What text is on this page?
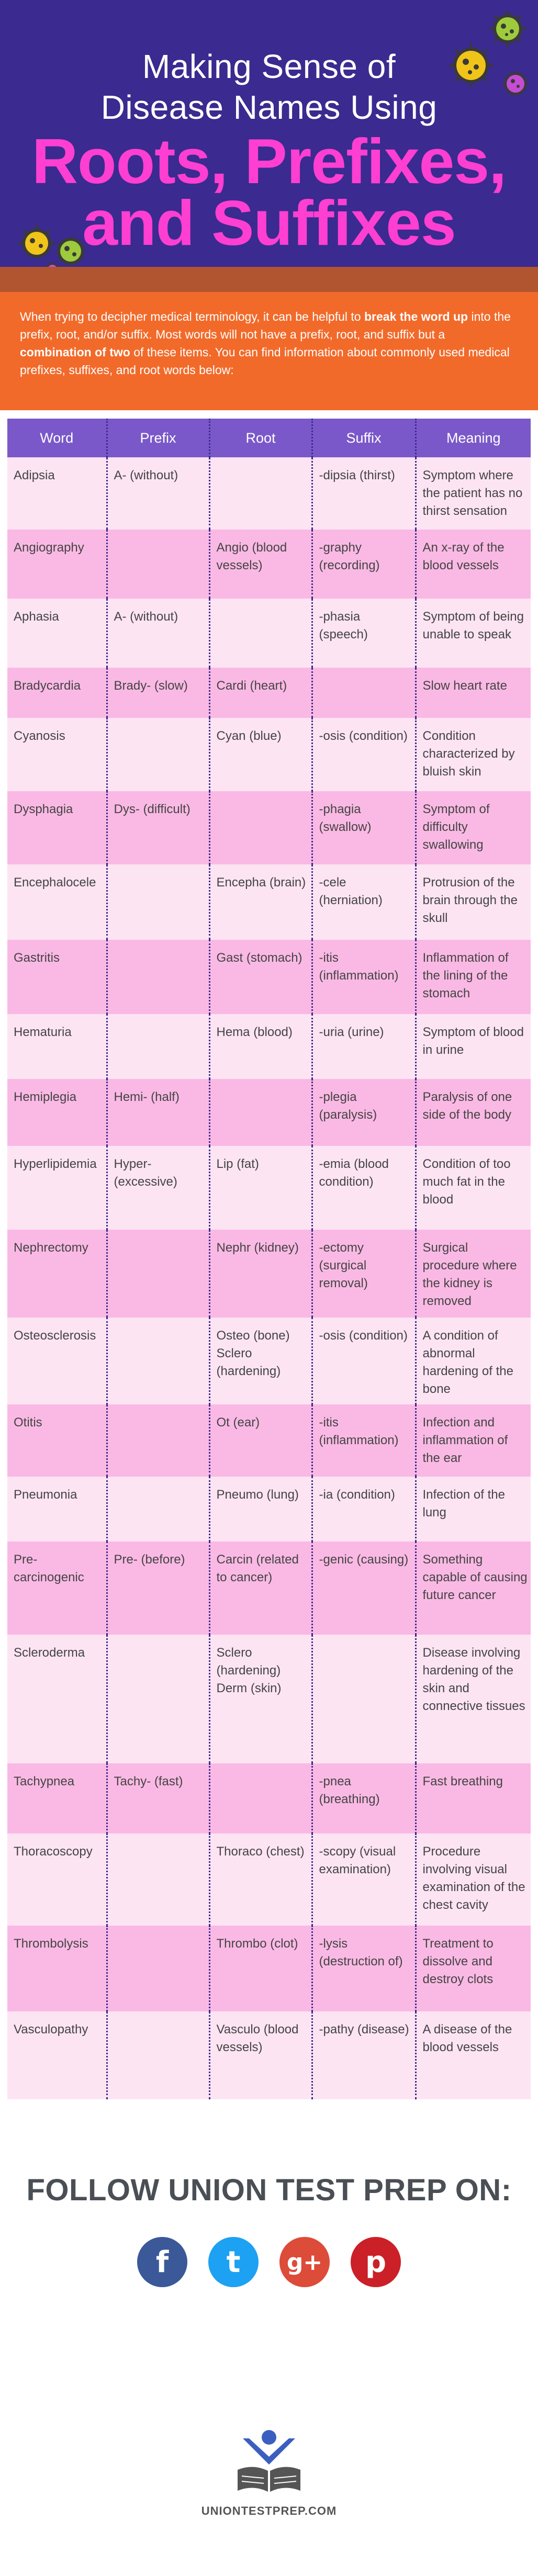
Making Sense of
Disease Names Using
Roots, Prefixes,
and Suffixes
When trying to decipher medical terminology, it can be helpful to break the word up into the prefix, root, and/or suffix. Most words will not have a prefix, root, and suffix but a combination of two of these items. You can find information about commonly used medical prefixes, suffixes, and root words below:
Word	Prefix	Root	Suffix	Meaning
Adipsia	A- (without)		-dipsia (thirst)	Symptom where the patient has no thirst sensation
Angiography		Angio (blood vessels)	-graphy (recording)	An x-ray of the blood vessels
Aphasia	A- (without)		-phasia (speech)	Symptom of being unable to speak
Bradycardia	Brady- (slow)	Cardi (heart)		Slow heart rate
Cyanosis		Cyan (blue)	-osis (condition)	Condition characterized by bluish skin
Dysphagia	Dys- (difficult)		-phagia (swallow)	Symptom of difficulty swallowing
Encephalocele		Encepha (brain)	-cele (herniation)	Protrusion of the brain through the skull
Gastritis		Gast (stomach)	-itis (inflammation)	Inflammation of the lining of the stomach
Hematuria		Hema (blood)	-uria (urine)	Symptom of blood in urine
Hemiplegia	Hemi- (half)		-plegia (paralysis)	Paralysis of one side of the body
Hyperlipidemia	Hyper- (excessive)	Lip (fat)	-emia (blood condition)	Condition of too much fat in the blood
Nephrectomy		Nephr (kidney)	-ectomy (surgical removal)	Surgical procedure where the kidney is removed
Osteosclerosis		Osteo (bone) Sclero (hardening)	-osis (condition)	A condition of abnormal hardening of the bone
Otitis		Ot (ear)	-itis (inflammation)	Infection and inflammation of the ear
Pneumonia		Pneumo (lung)	-ia (condition)	Infection of the lung
Pre-carcinogenic	Pre- (before)	Carcin (related to cancer)	-genic (causing)	Something capable of causing future cancer
Scleroderma		Sclero (hardening) Derm (skin)		Disease involving hardening of the skin and connective tissues
Tachypnea	Tachy- (fast)		-pnea (breathing)	Fast breathing
Thoracoscopy		Thoraco (chest)	-scopy (visual examination)	Procedure involving visual examination of the chest cavity
Thrombolysis		Thrombo (clot)	-lysis (destruction of)	Treatment to dissolve and destroy clots
Vasculopathy		Vasculo (blood vessels)	-pathy (disease)	A disease of the blood vessels
FOLLOW UNION TEST PREP ON:
f	t	g+	p
UNIONTESTPREP.COM
